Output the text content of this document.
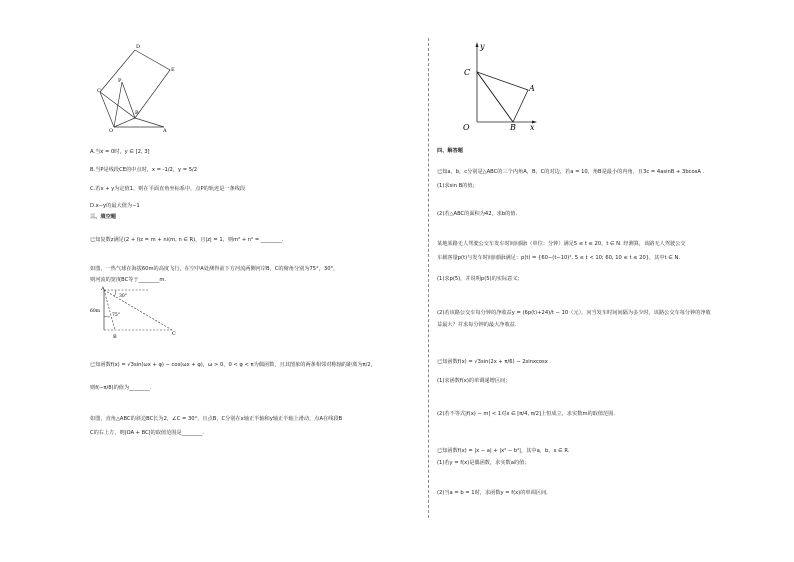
D
E
P
C
B
O	A
A.当x = 0时，y ∈ [2, 3]
B.当P是线段CE的中点时，x = -1/2，y = 5/2
C.若x + y为定值1，则在平面直角坐标系中，点P的轨迹是一条线段
D.x−y的最大值为−1
三、填空题
已知复数z满足(2 + i)z = m + ni(m, n ∈ R)，且|z| = 1，则m² + n² = ________.
如图，一热气球在海拔60m的高度飞行，在空中A处测得前下方河流两侧河岸B，C的俯角分别为75°，30°，
则河流的宽度BC等于________m.
A
B	C
60m
30°
75°
已知函数f(x) = √3sin(ωx + φ) − cos(ωx + φ)，ω > 0，0 < φ < π为偶函数，且其图象的两条相邻对称轴的距离为π/2，
则f(−π/8)的值为________.
如图，直角△ABC的斜边BC长为2，∠C = 30°，且点B，C分别在x轴正半轴和y轴正半轴上滑动，点A在线段B
C的右上方，则|OA + BC|的取值范围是________.
y
x
C
A
O	B
四、解答题
已知a，b，c分别是△ABC的三个内角A，B，C的对边，若a = 10，角B是最小的内角，且3c = 4asinB + 3bcosA .
(1)求sin B的值；
(2)若△ABC的面积为42，求b的值.
某地某路无人驾驶公交车发车时间间隔t（单位：分钟）满足5 ≤ t ≤ 20，t ∈ N. 经测算，该路无人驾驶公交
车载客量p(t)与发车时间间隔t满足：p(t) = {60−(t−10)², 5 ≤ t < 10; 60, 10 ≤ t ≤ 20}，其中t ∈ N.
(1)求p(5)，并说明p(5)的实际意义；
(2)若该路公交车每分钟的净收益y = (6p(t)+24)/t − 10（元），问当发车时间间隔为多少时，该路公交车每分钟的净收
益最大？并求每分钟的最大净收益.
已知函数f(x) = √3sin(2x + π/6) − 2sinxcosx .
(1)求函数f(x)的单调递增区间；
(2)若不等式|f(x) − m| < 1对x ∈ [π/4, π/2]上恒成立，求实数m的取值范围.
已知函数f(x) = |x − a| + |x² − b²|，其中a，b，x ∈ R.
(1)若y = f(x)是偶函数，求实数a的值；
(2)当a = b = 1时，求函数y = f(x)的单调区间.
